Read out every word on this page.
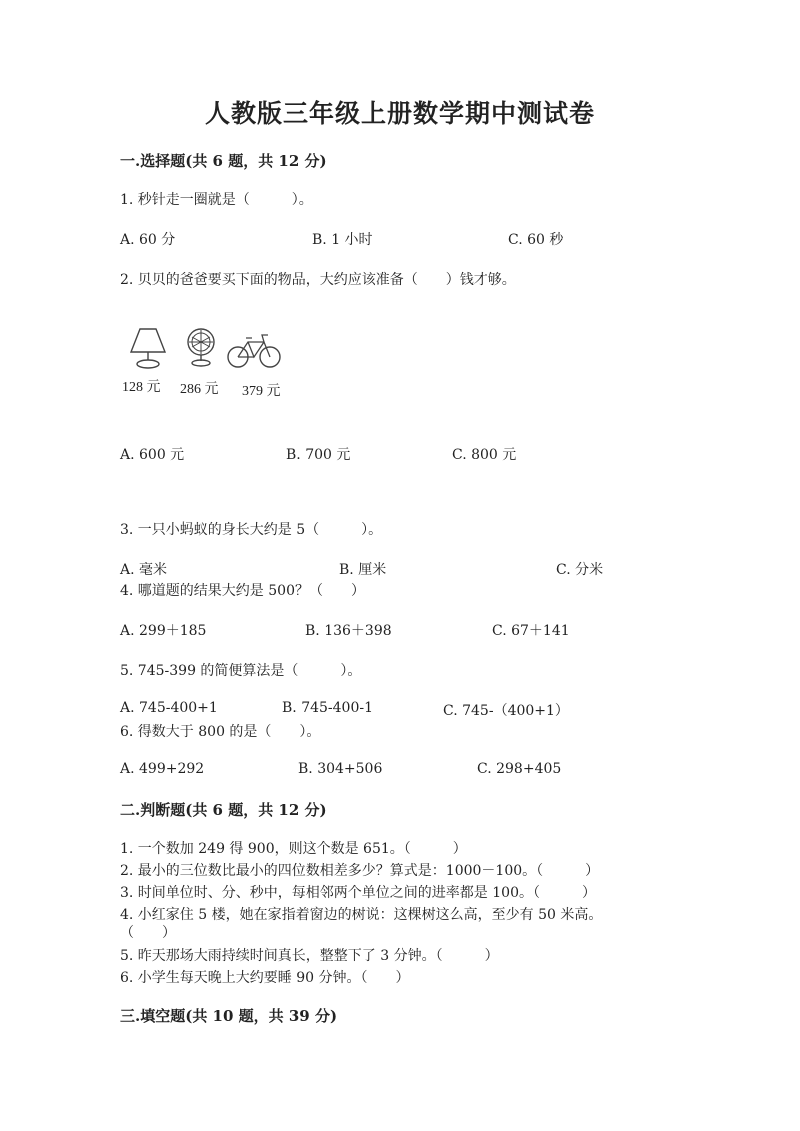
人教版三年级上册数学期中测试卷
一.选择题(共 6 题，共 12 分)
1. 秒针走一圈就是（　　　）。
A. 60 分	B. 1 小时	C. 60 秒
2. 贝贝的爸爸要买下面的物品，大约应该准备（　　）钱才够。
128 元 286 元 379 元
A. 600 元	B. 700 元	C. 800 元
3. 一只小蚂蚁的身长大约是 5（　　　）。
A. 毫米	B. 厘米	C. 分米
4. 哪道题的结果大约是 500？（　　）
A. 299＋185	B. 136＋398	C. 67＋141
5. 745-399 的简便算法是（　　　）。
A. 745-400+1	B. 745-400-1	C. 745-（400+1）
6. 得数大于 800 的是（　　）。
A. 499+292	B. 304+506	C. 298+405
二.判断题(共 6 题，共 12 分)
1. 一个数加 249 得 900，则这个数是 651。（　　　）
2. 最小的三位数比最小的四位数相差多少？算式是：1000－100。（　　　）
3. 时间单位时、分、秒中，每相邻两个单位之间的进率都是 100。（　　　）
4. 小红家住 5 楼，她在家指着窗边的树说：这棵树这么高，至少有 50 米高。
（　　）
5. 昨天那场大雨持续时间真长，整整下了 3 分钟。（　　　）
6. 小学生每天晚上大约要睡 90 分钟。（　　）
三.填空题(共 10 题，共 39 分)
